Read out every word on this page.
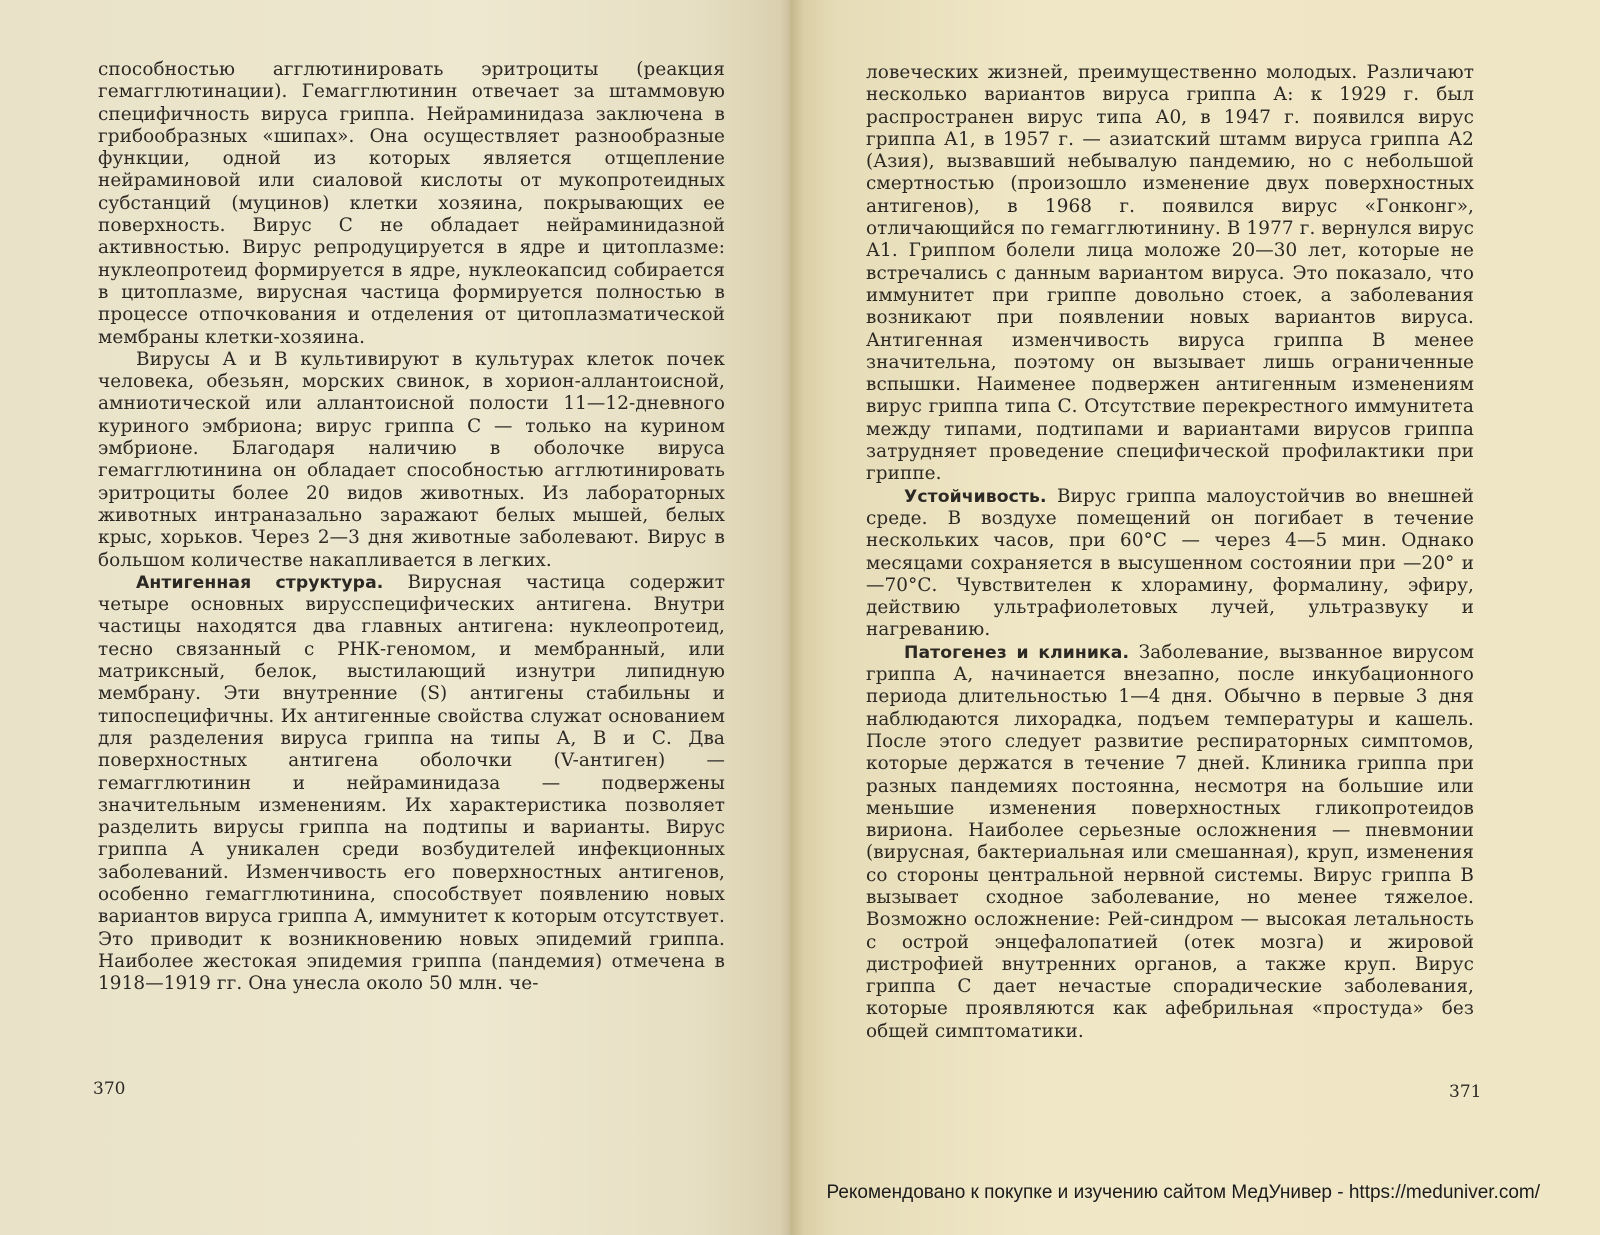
способностью агглютинировать эритроциты (реакция гемагглютинации). Гемагглютинин отвечает за штаммовую специфичность вируса гриппа. Нейраминидаза заключена в грибообразных «шипах». Она осуществляет разнообразные функции, одной из которых является отщепление нейраминовой или сиаловой кислоты от мукопротеидных субстанций (муцинов) клетки хозяина, покрывающих ее поверхность. Вирус С не обладает нейраминидазной активностью. Вирус репродуцируется в ядре и цитоплазме: нуклеопротеид формируется в ядре, нуклеокапсид собирается в цитоплазме, вирусная частица формируется полностью в процессе отпочкования и отделения от цитоплазматической мембраны клетки-хозяина.

Вирусы А и В культивируют в культурах клеток почек человека, обезьян, морских свинок, в хорион-аллантоисной, амниотической или аллантоисной полости 11—12-дневного куриного эмбриона; вирус гриппа С — только на курином эмбрионе. Благодаря наличию в оболочке вируса гемагглютинина он обладает способностью агглютинировать эритроциты более 20 видов животных. Из лабораторных животных интраназально заражают белых мышей, белых крыс, хорьков. Через 2—3 дня животные заболевают. Вирус в большом количестве накапливается в легких.

Антигенная структура. Вирусная частица содержит четыре основных вирусспецифических антигена. Внутри частицы находятся два главных антигена: нуклеопротеид, тесно связанный с РНК-геномом, и мембранный, или матриксный, белок, выстилающий изнутри липидную мембрану. Эти внутренние (S) антигены стабильны и типоспецифичны. Их антигенные свойства служат основанием для разделения вируса гриппа на типы А, В и С. Два поверхностных антигена оболочки (V-антиген) — гемагглютинин и нейраминидаза — подвержены значительным изменениям. Их характеристика позволяет разделить вирусы гриппа на подтипы и варианты. Вирус гриппа А уникален среди возбудителей инфекционных заболеваний. Изменчивость его поверхностных антигенов, особенно гемагглютинина, способствует появлению новых вариантов вируса гриппа А, иммунитет к которым отсутствует. Это приводит к возникновению новых эпидемий гриппа. Наиболее жестокая эпидемия гриппа (пандемия) отмечена в 1918—1919 гг. Она унесла около 50 млн. че-

370

ловеческих жизней, преимущественно молодых. Различают несколько вариантов вируса гриппа А: к 1929 г. был распространен вирус типа А0, в 1947 г. появился вирус гриппа А1, в 1957 г. — азиатский штамм вируса гриппа А2 (Азия), вызвавший небывалую пандемию, но с небольшой смертностью (произошло изменение двух поверхностных антигенов), в 1968 г. появился вирус «Гонконг», отличающийся по гемагглютинину. В 1977 г. вернулся вирус А1. Гриппом болели лица моложе 20—30 лет, которые не встречались с данным вариантом вируса. Это показало, что иммунитет при гриппе довольно стоек, а заболевания возникают при появлении новых вариантов вируса. Антигенная изменчивость вируса гриппа В менее значительна, поэтому он вызывает лишь ограниченные вспышки. Наименее подвержен антигенным изменениям вирус гриппа типа С. Отсутствие перекрестного иммунитета между типами, подтипами и вариантами вирусов гриппа затрудняет проведение специфической профилактики при гриппе.

Устойчивость. Вирус гриппа малоустойчив во внешней среде. В воздухе помещений он погибает в течение нескольких часов, при 60°С — через 4—5 мин. Однако месяцами сохраняется в высушенном состоянии при —20° и —70°С. Чувствителен к хлорамину, формалину, эфиру, действию ультрафиолетовых лучей, ультразвуку и нагреванию.

Патогенез и клиника. Заболевание, вызванное вирусом гриппа А, начинается внезапно, после инкубационного периода длительностью 1—4 дня. Обычно в первые 3 дня наблюдаются лихорадка, подъем температуры и кашель. После этого следует развитие респираторных симптомов, которые держатся в течение 7 дней. Клиника гриппа при разных пандемиях постоянна, несмотря на большие или меньшие изменения поверхностных гликопротеидов вириона. Наиболее серьезные осложнения — пневмонии (вирусная, бактериальная или смешанная), круп, изменения со стороны центральной нервной системы. Вирус гриппа В вызывает сходное заболевание, но менее тяжелое. Возможно осложнение: Рей-синдром — высокая летальность с острой энцефалопатией (отек мозга) и жировой дистрофией внутренних органов, а также круп. Вирус гриппа С дает нечастые спорадические заболевания, которые проявляются как афебрильная «простуда» без общей симптоматики.

371
Рекомендовано к покупке и изучению сайтом МедУнивер - https://meduniver.com/
